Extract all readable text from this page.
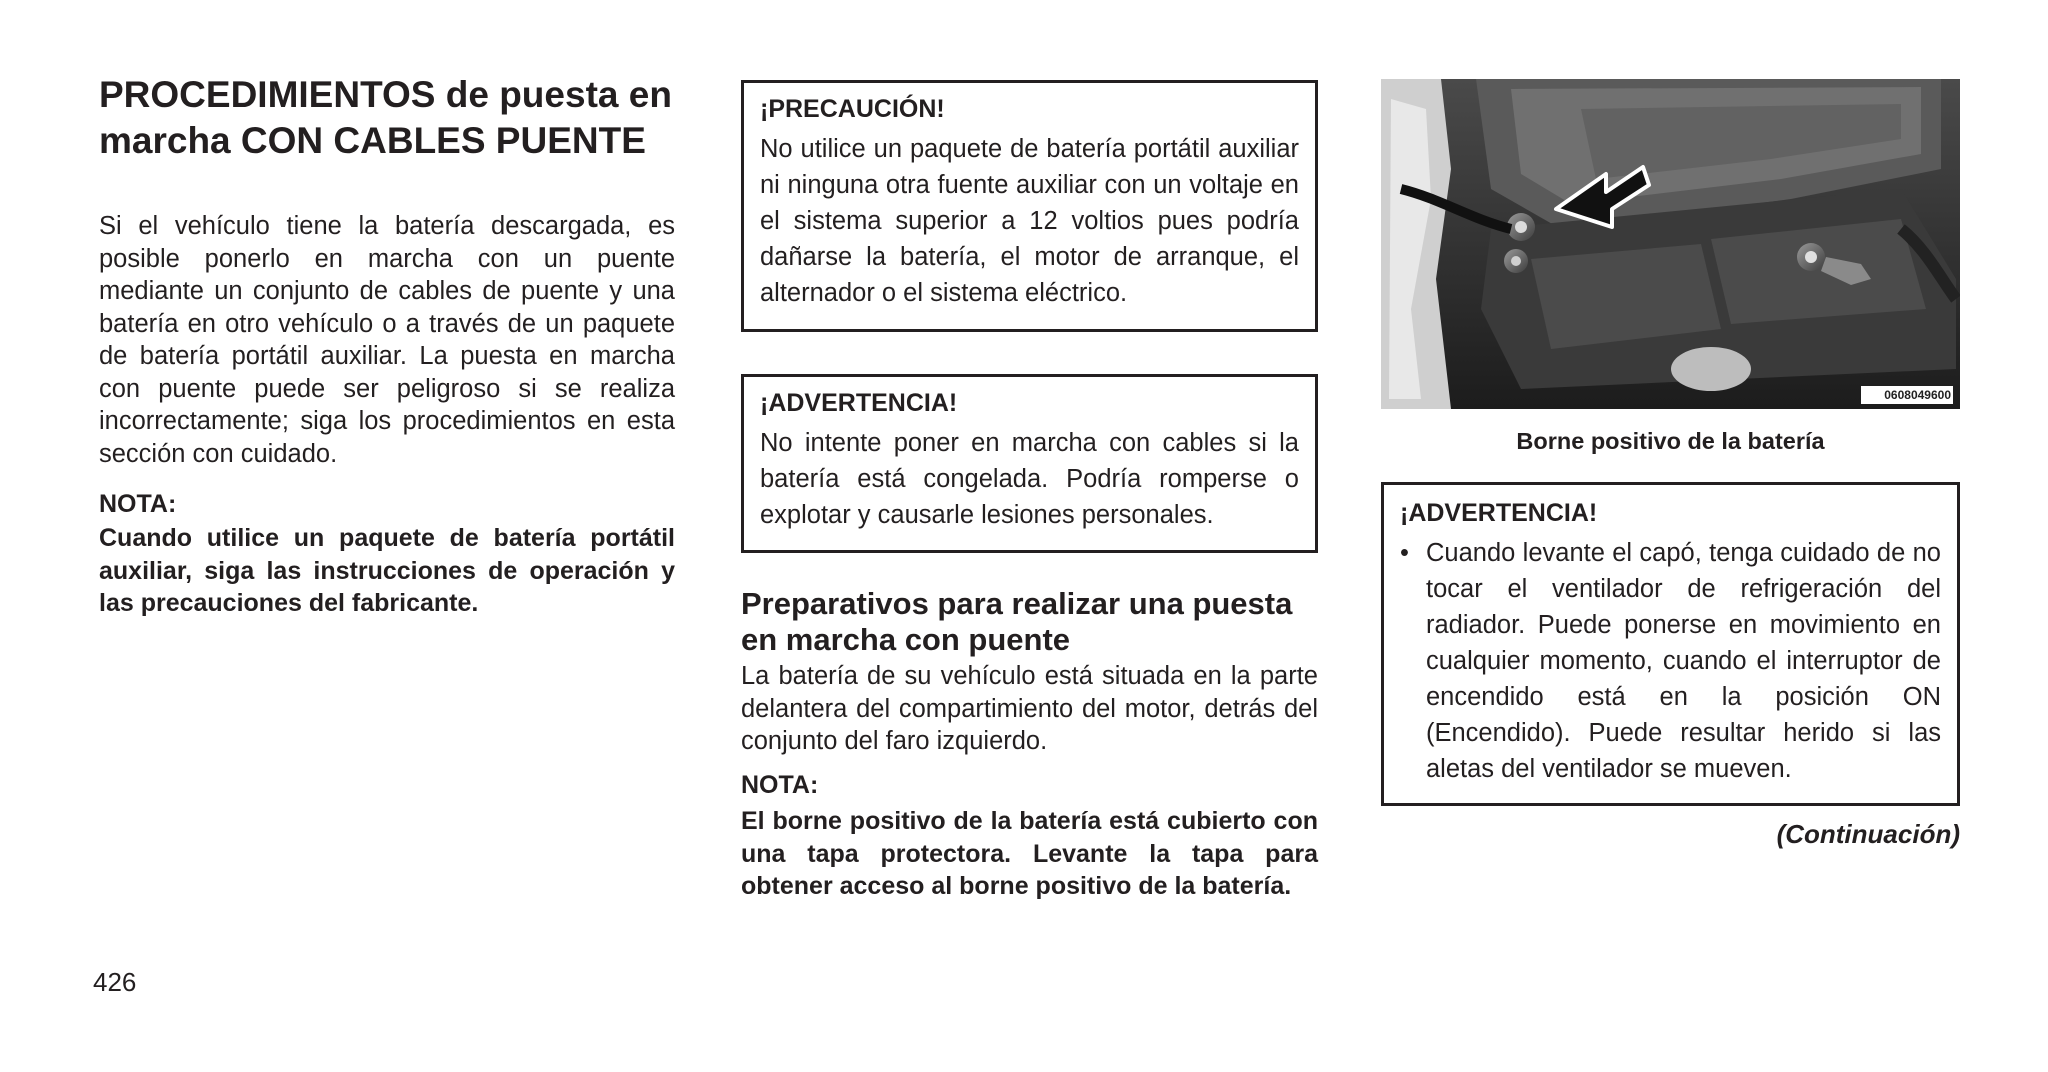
PROCEDIMIENTOS de puesta en marcha CON CABLES PUENTE

Si el vehículo tiene la batería descargada, es posible ponerlo en marcha con un puente mediante un conjunto de cables de puente y una batería en otro vehículo o a través de un paquete de batería portátil auxiliar. La puesta en marcha con puente puede ser peligroso si se realiza incorrectamente; siga los procedimientos en esta sección con cuidado.

NOTA:

Cuando utilice un paquete de batería portátil auxiliar, siga las instrucciones de operación y las precauciones del fabricante.

¡PRECAUCIÓN!

No utilice un paquete de batería portátil auxiliar ni ninguna otra fuente auxiliar con un voltaje en el sistema superior a 12 voltios pues podría dañarse la batería, el motor de arranque, el alternador o el sistema eléctrico.

¡ADVERTENCIA!

No intente poner en marcha con cables si la batería está congelada. Podría romperse o explotar y causarle lesiones personales.

Preparativos para realizar una puesta en marcha con puente

La batería de su vehículo está situada en la parte delantera del compartimiento del motor, detrás del conjunto del faro izquierdo.

NOTA:

El borne positivo de la batería está cubierto con una tapa protectora. Levante la tapa para obtener acceso al borne positivo de la batería.

0608049600

Borne positivo de la batería

¡ADVERTENCIA!

• Cuando levante el capó, tenga cuidado de no tocar el ventilador de refrigeración del radiador. Puede ponerse en movimiento en cualquier momento, cuando el interruptor de encendido está en la posición ON (Encendido). Puede resultar herido si las aletas del ventilador se mueven.

(Continuación)

426
